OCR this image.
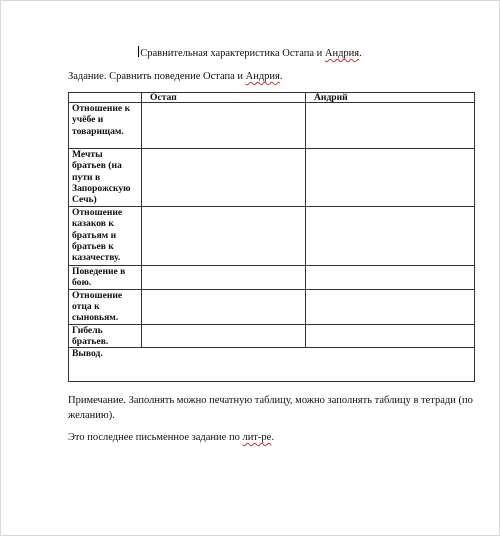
Сравнительная характеристика Остапа и Андрия.
Задание. Сравнить поведение Остапа и Андрия.
	Остап	Андрий
Отношение к учёбе и товарищам.		
Мечты братьев (на пути в Запорожскую Сечь)		
Отношение казаков к братьям и братьев к казачеству.		
Поведение в бою.		
Отношение отца к сыновьям.		
Гибель братьев.		
Вывод.		
Примечание. Заполнять можно печатную таблицу, можно заполнять таблицу в тетради (по желанию).
Это последнее письменное задание по лит-ре.
